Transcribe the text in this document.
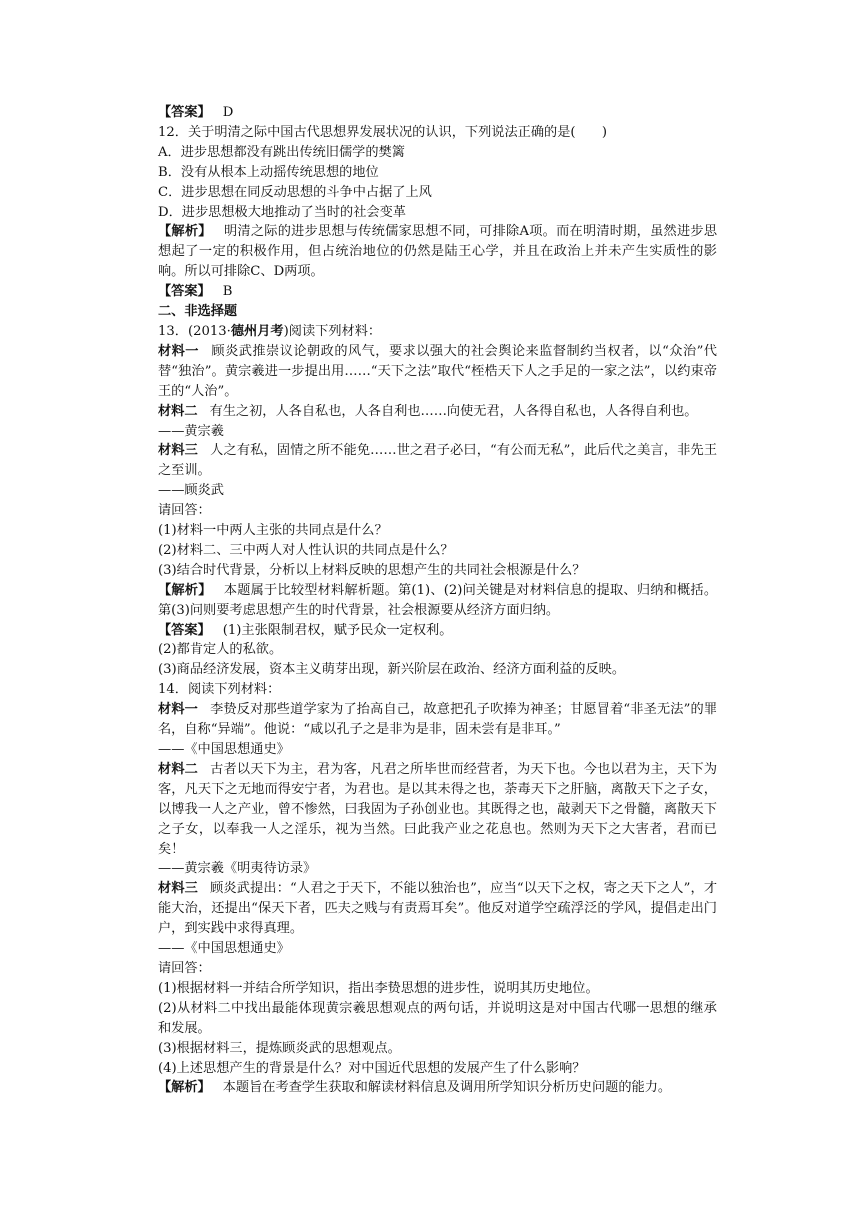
【答案】 D
12．关于明清之际中国古代思想界发展状况的认识，下列说法正确的是(　　)
A．进步思想都没有跳出传统旧儒学的樊篱
B．没有从根本上动摇传统思想的地位
C．进步思想在同反动思想的斗争中占据了上风
D．进步思想极大地推动了当时的社会变革
【解析】 明清之际的进步思想与传统儒家思想不同，可排除A项。而在明清时期，虽然进步思想起了一定的积极作用，但占统治地位的仍然是陆王心学，并且在政治上并未产生实质性的影响。所以可排除C、D两项。
【答案】 B
二、非选择题
13．(2013·德州月考)阅读下列材料：
材料一 顾炎武推崇议论朝政的风气，要求以强大的社会舆论来监督制约当权者，以“众治”代替“独治”。黄宗羲进一步提出用……“天下之法”取代“桎梏天下人之手足的一家之法”，以约束帝王的“人治”。
材料二 有生之初，人各自私也，人各自利也……向使无君，人各得自私也，人各得自利也。
——黄宗羲
材料三 人之有私，固情之所不能免……世之君子必曰，“有公而无私”，此后代之美言，非先王之至训。
——顾炎武
请回答：
(1)材料一中两人主张的共同点是什么？
(2)材料二、三中两人对人性认识的共同点是什么？
(3)结合时代背景，分析以上材料反映的思想产生的共同社会根源是什么？
【解析】 本题属于比较型材料解析题。第(1)、(2)问关键是对材料信息的提取、归纳和概括。第(3)问则要考虑思想产生的时代背景，社会根源要从经济方面归纳。
【答案】 (1)主张限制君权，赋予民众一定权利。
(2)都肯定人的私欲。
(3)商品经济发展，资本主义萌芽出现，新兴阶层在政治、经济方面利益的反映。
14．阅读下列材料：
材料一 李贽反对那些道学家为了抬高自己，故意把孔子吹捧为神圣；甘愿冒着“非圣无法”的罪名，自称“异端”。他说：“咸以孔子之是非为是非，固未尝有是非耳。”
——《中国思想通史》
材料二 古者以天下为主，君为客，凡君之所毕世而经营者，为天下也。今也以君为主，天下为客，凡天下之无地而得安宁者，为君也。是以其未得之也，荼毒天下之肝脑，离散天下之子女，以博我一人之产业，曾不惨然，曰我固为子孙创业也。其既得之也，敲剥天下之骨髓，离散天下之子女，以奉我一人之淫乐，视为当然。曰此我产业之花息也。然则为天下之大害者，君而已矣！
——黄宗羲《明夷待访录》
材料三 顾炎武提出：“人君之于天下，不能以独治也”，应当“以天下之权，寄之天下之人”，才能大治，还提出“保天下者，匹夫之贱与有责焉耳矣”。他反对道学空疏浮泛的学风，提倡走出门户，到实践中求得真理。
——《中国思想通史》
请回答：
(1)根据材料一并结合所学知识，指出李贽思想的进步性，说明其历史地位。
(2)从材料二中找出最能体现黄宗羲思想观点的两句话，并说明这是对中国古代哪一思想的继承和发展。
(3)根据材料三，提炼顾炎武的思想观点。
(4)上述思想产生的背景是什么？对中国近代思想的发展产生了什么影响？
【解析】 本题旨在考查学生获取和解读材料信息及调用所学知识分析历史问题的能力。
